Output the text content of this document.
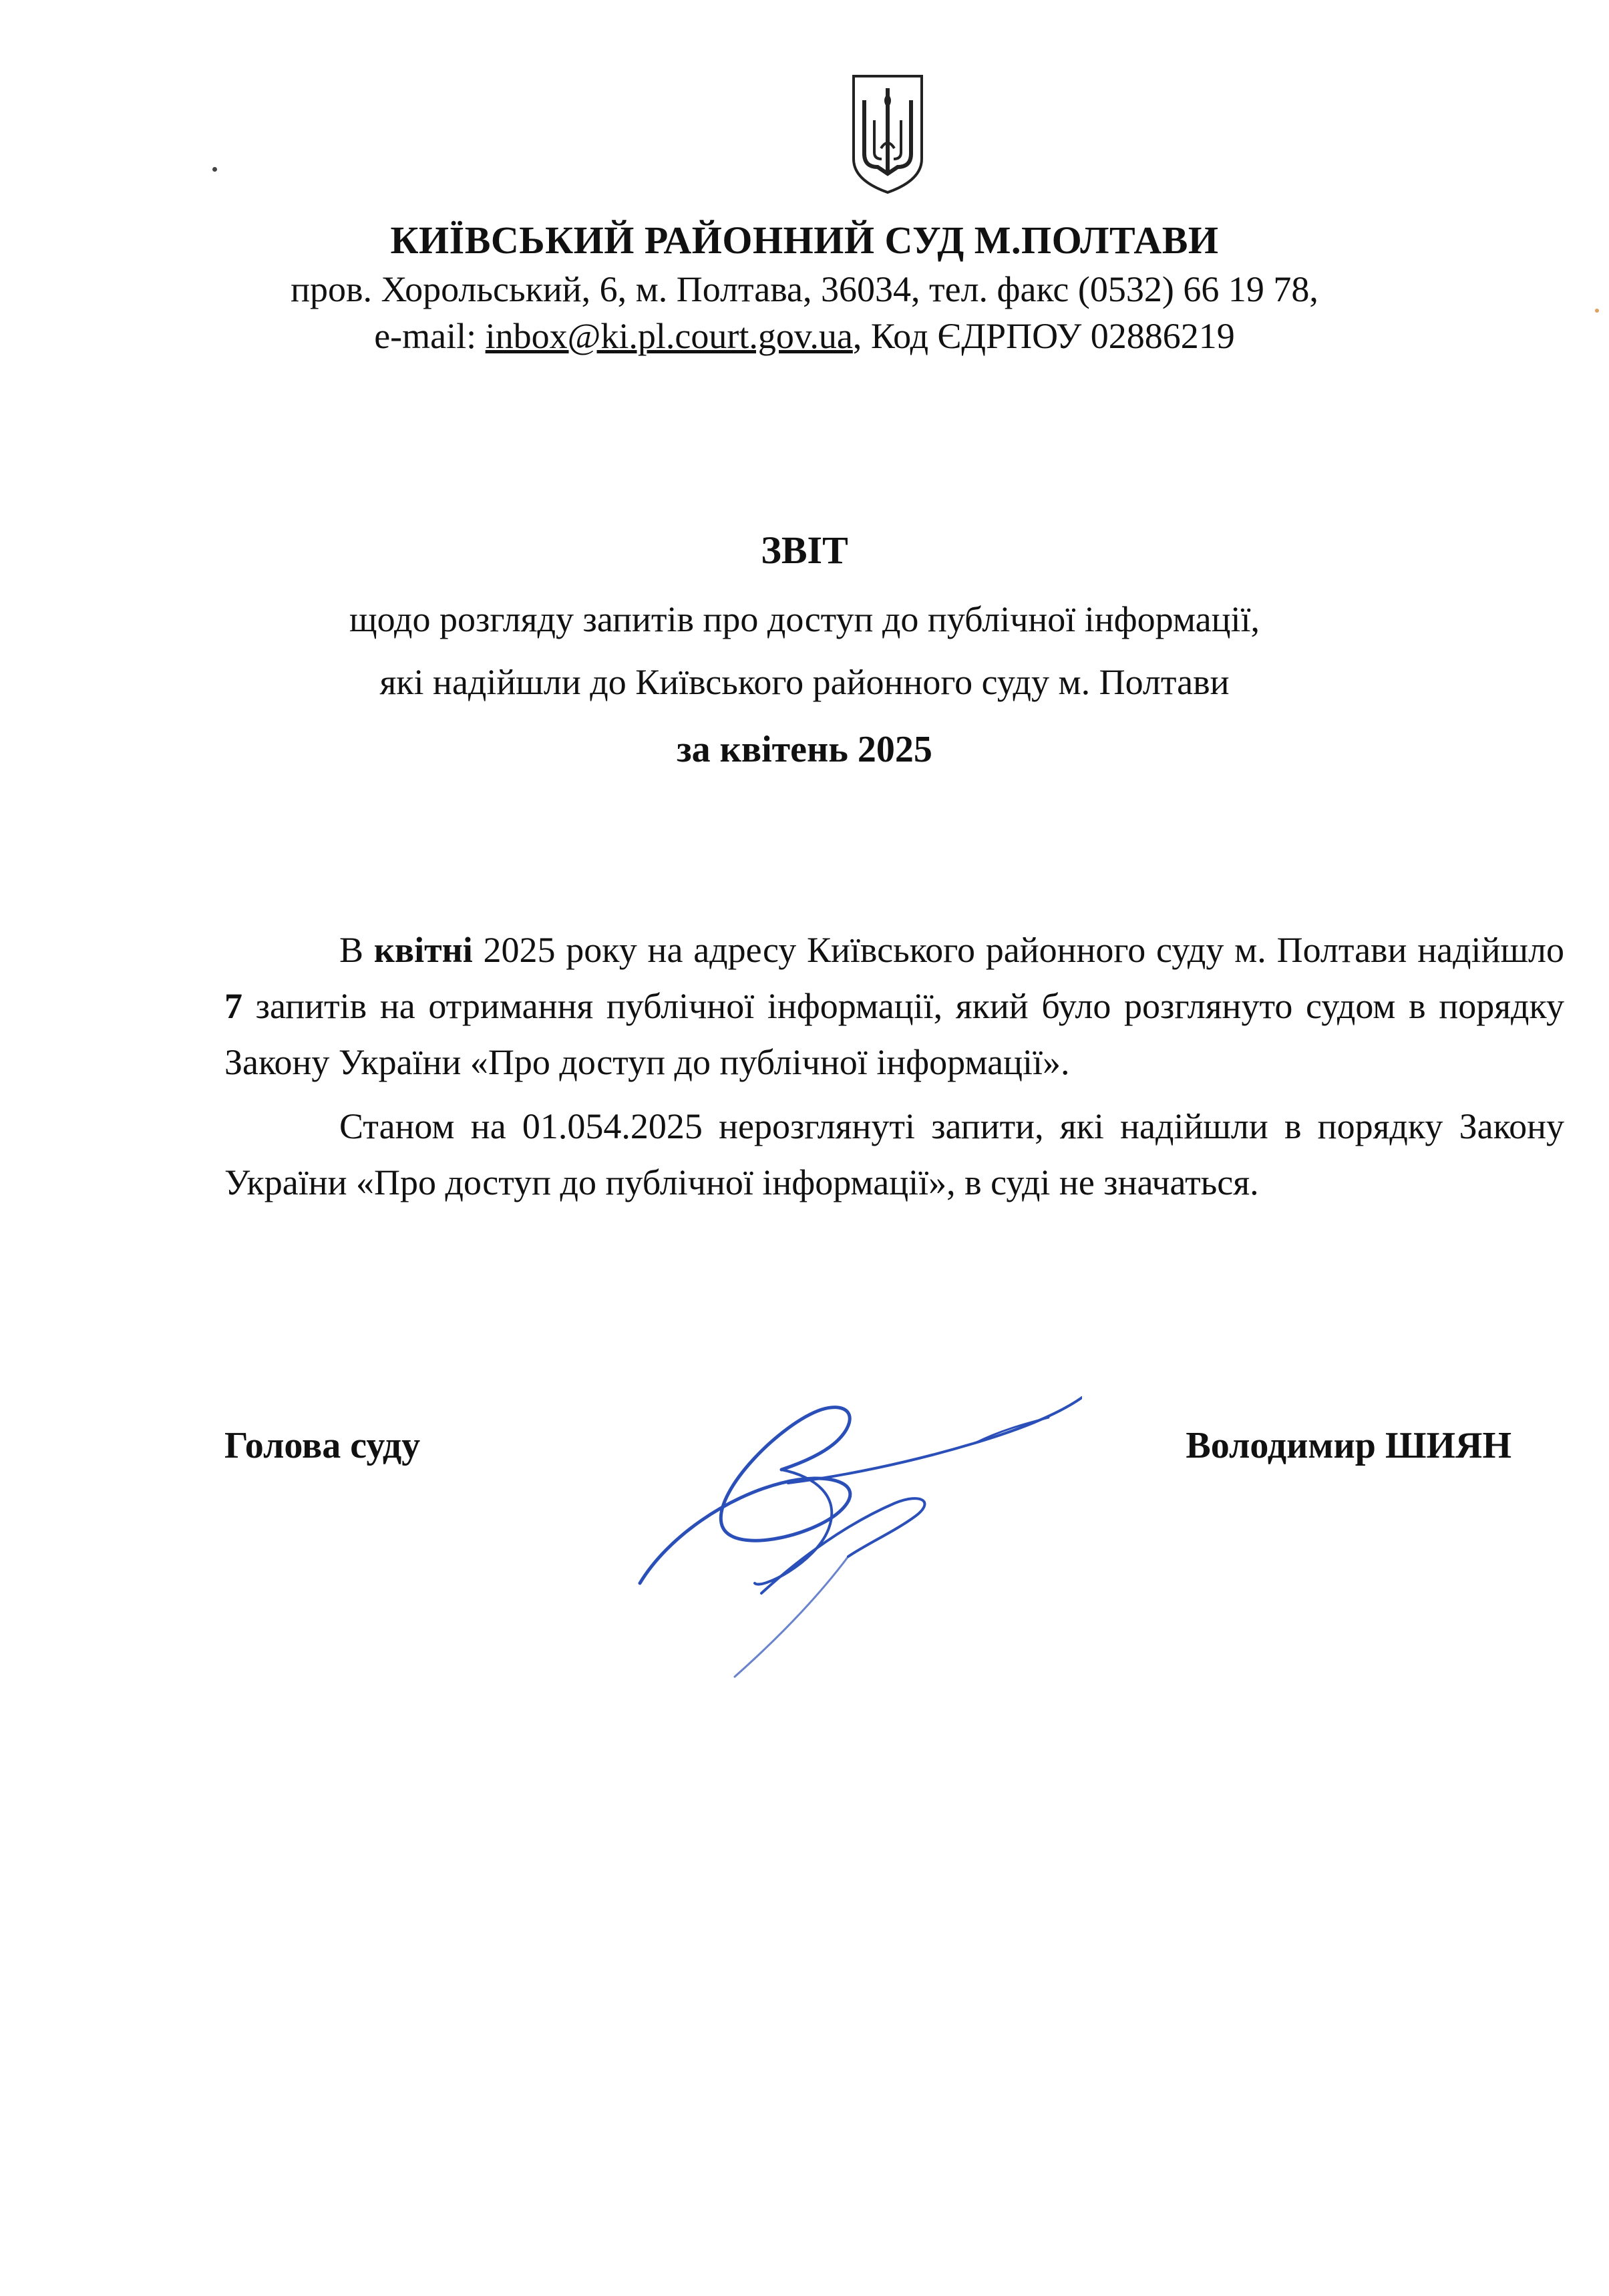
КИЇВСЬКИЙ РАЙОННИЙ СУД М.ПОЛТАВИ
пров. Хорольський, 6, м. Полтава, 36034, тел. факс (0532) 66 19 78,
e-mail: inbox@ki.pl.court.gov.ua, Код ЄДРПОУ 02886219
ЗВІТ
щодо розгляду запитів про доступ до публічної інформації,
які надійшли до Київського районного суду м. Полтави
за квітень 2025
В квітні 2025 року на адресу Київського районного суду м. Полтави надійшло 7 запитів на отримання публічної інформації, який було розглянуто судом в порядку Закону України «Про доступ до публічної інформації».
Станом на 01.054.2025 нерозглянуті запити, які надійшли в порядку Закону України «Про доступ до публічної інформації», в суді не значаться.
Голова суду	Володимир ШИЯН
